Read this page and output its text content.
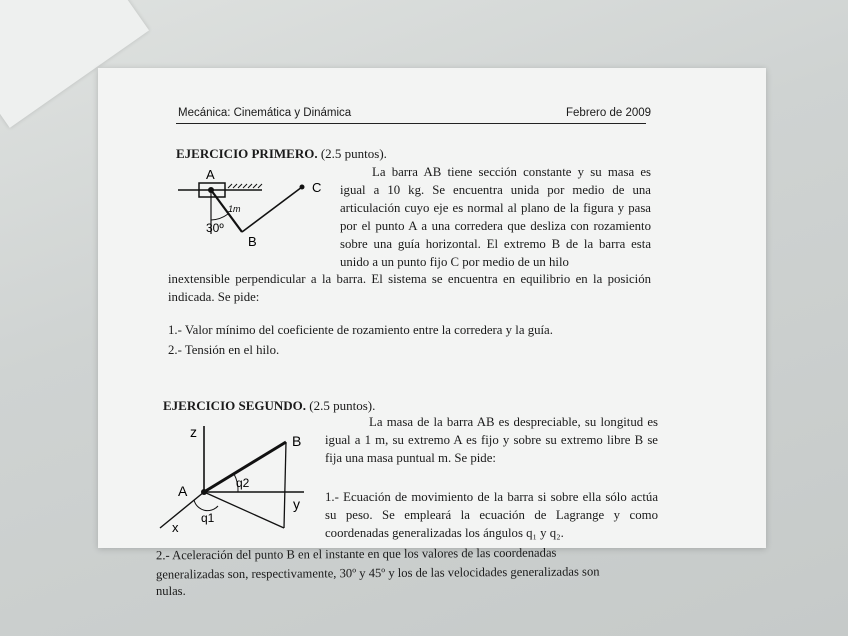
Mecánica: Cinemática y Dinámica	Febrero de 2009
EJERCICIO PRIMERO. (2.5 puntos).
A
B
C
1m
30º
La barra AB tiene sección constante y su masa es igual a 10 kg. Se encuentra unida por medio de una articulación cuyo eje es normal al plano de la figura y pasa por el punto A a una corredera que desliza con rozamiento sobre una guía horizontal. El extremo B de la barra esta unido a un punto fijo C por medio de un hilo
inextensible perpendicular a la barra. El sistema se encuentra en equilibrio en la posición indicada. Se pide:
1.- Valor mínimo del coeficiente de rozamiento entre la corredera y la guía.
2.- Tensión en el hilo.
EJERCICIO SEGUNDO. (2.5 puntos).
z
B
A	q2
q1
y
x
La masa de la barra AB es despreciable, su longitud es igual a 1 m, su extremo A es fijo y sobre su extremo libre B se fija una masa puntual m. Se pide:
1.- Ecuación de movimiento de la barra si sobre ella sólo actúa su peso. Se empleará la ecuación de Lagrange y como coordenadas generalizadas los ángulos q₁ y q₂.
2.- Aceleración del punto B en el instante en que los valores de las coordenadas
generalizadas son, respectivamente, 30º y 45º y los de las velocidades generalizadas son
nulas.
